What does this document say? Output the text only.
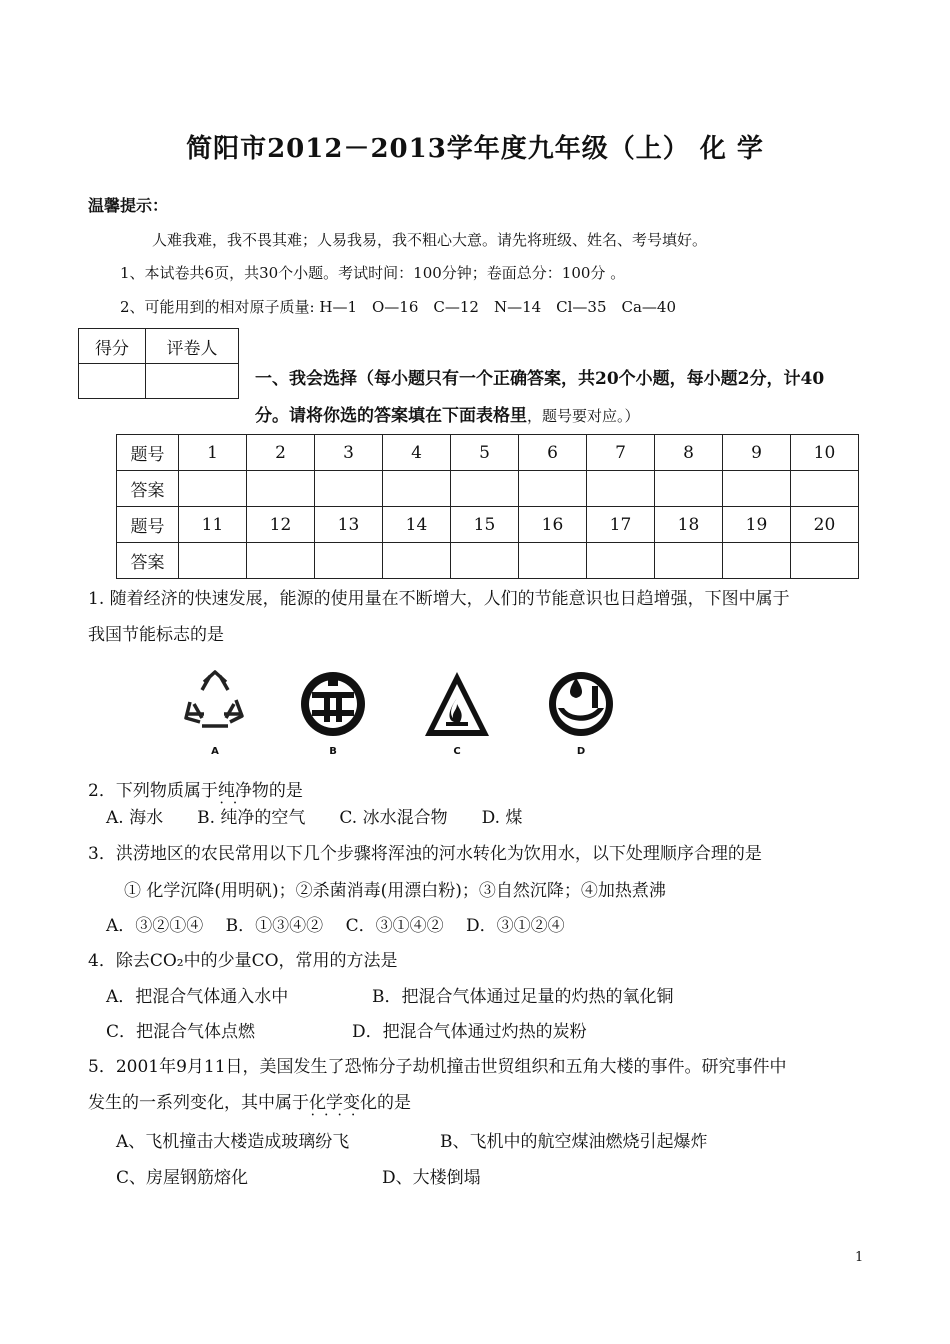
简阳市2012－2013学年度九年级（上） 化 学
温馨提示：
人难我难，我不畏其难；人易我易，我不粗心大意。请先将班级、姓名、考号填好。
1、本试卷共6页，共30个小题。考试时间：100分钟；卷面总分：100分 。
2、可能用到的相对原子质量: H—1　O—16　C—12　N—14　Cl—35　Ca—40
得分	评卷人

一、我会选择（每小题只有一个正确答案，共20个小题，每小题2分，计40
分。请将你选的答案填在下面表格里，题号要对应。）
题号	1	2	3	4	5	6	7	8	9	10
答案										
题号	11	12	13	14	15	16	17	18	19	20
答案										
1. 随着经济的快速发展，能源的使用量在不断增大，人们的节能意识也日趋增强，下图中属于
我国节能标志的是
A	B	C	D
2．下列物质属于纯净物 • •的是
A. 海水　　B. 纯净的空气　　C. 冰水混合物　　D. 煤
3．洪涝地区的农民常用以下几个步骤将浑浊的河水转化为饮用水，以下处理顺序合理的是
① 化学沉降(用明矾)；②杀菌消毒(用漂白粉)；③自然沉降；④加热煮沸
A．③②①④　 B．①③④②　 C．③①④②　 D．③①②④
4．除去CO₂中的少量CO，常用的方法是
A．把混合气体通入水中	B．把混合气体通过足量的灼热的氧化铜
C．把混合气体点燃	D．把混合气体通过灼热的炭粉
5．2001年9月11日，美国发生了恐怖分子劫机撞击世贸组织和五角大楼的事件。研究事件中
发生的一系列变化，其中属于化学变化 • • • •的是
A、飞机撞击大楼造成玻璃纷飞	B、飞机中的航空煤油燃烧引起爆炸
C、房屋钢筋熔化	D、大楼倒塌
1
